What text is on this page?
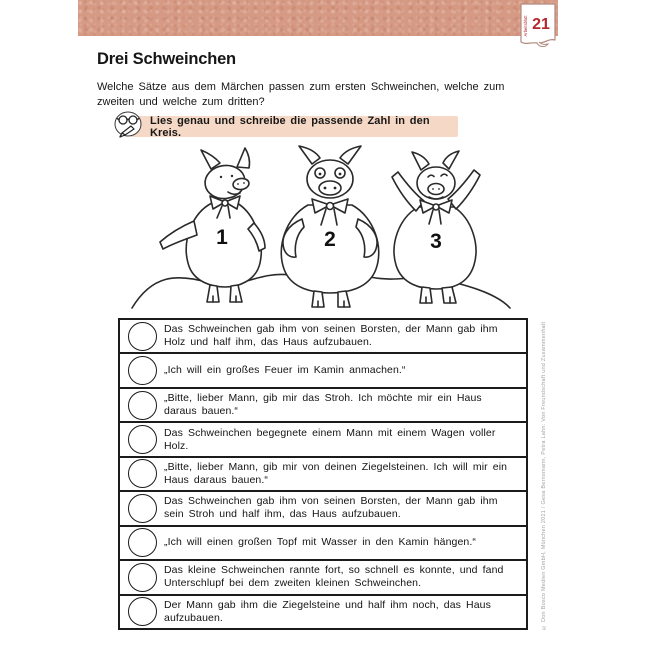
Arbeitsblatt 21
Drei Schweinchen
Welche Sätze aus dem Märchen passen zum ersten Schweinchen, welche zum zweiten und welche zum dritten?
Lies genau und schreibe die passende Zahl in den Kreis.
1	2	3
Das Schweinchen gab ihm von seinen Borsten, der Mann gab ihm Holz und half ihm, das Haus aufzubauen.
„Ich will ein großes Feuer im Kamin anmachen.“
„Bitte, lieber Mann, gib mir das Stroh. Ich möchte mir ein Haus daraus bauen.“
Das Schweinchen begegnete einem Mann mit einem Wagen voller Holz.
„Bitte, lieber Mann, gib mir von deinen Ziegelsteinen. Ich will mir ein Haus daraus bauen.“
Das Schweinchen gab ihm von seinen Borsten, der Mann gab ihm sein Stroh und half ihm, das Haus aufzubauen.
„Ich will einen großen Topf mit Wasser in den Kamin hängen.“
Das kleine Schweinchen rannte fort, so schnell es konnte, und fand Unterschlupf bei dem zweiten kleinen Schweinchen.
Der Mann gab ihm die Ziegelsteine und half ihm noch, das Haus aufzubauen.	© Don Bosco Medien GmbH, München 2021 / Gesa Bernsmann, Petra Lahn: Von Freundschaft und Zusammenhalt
